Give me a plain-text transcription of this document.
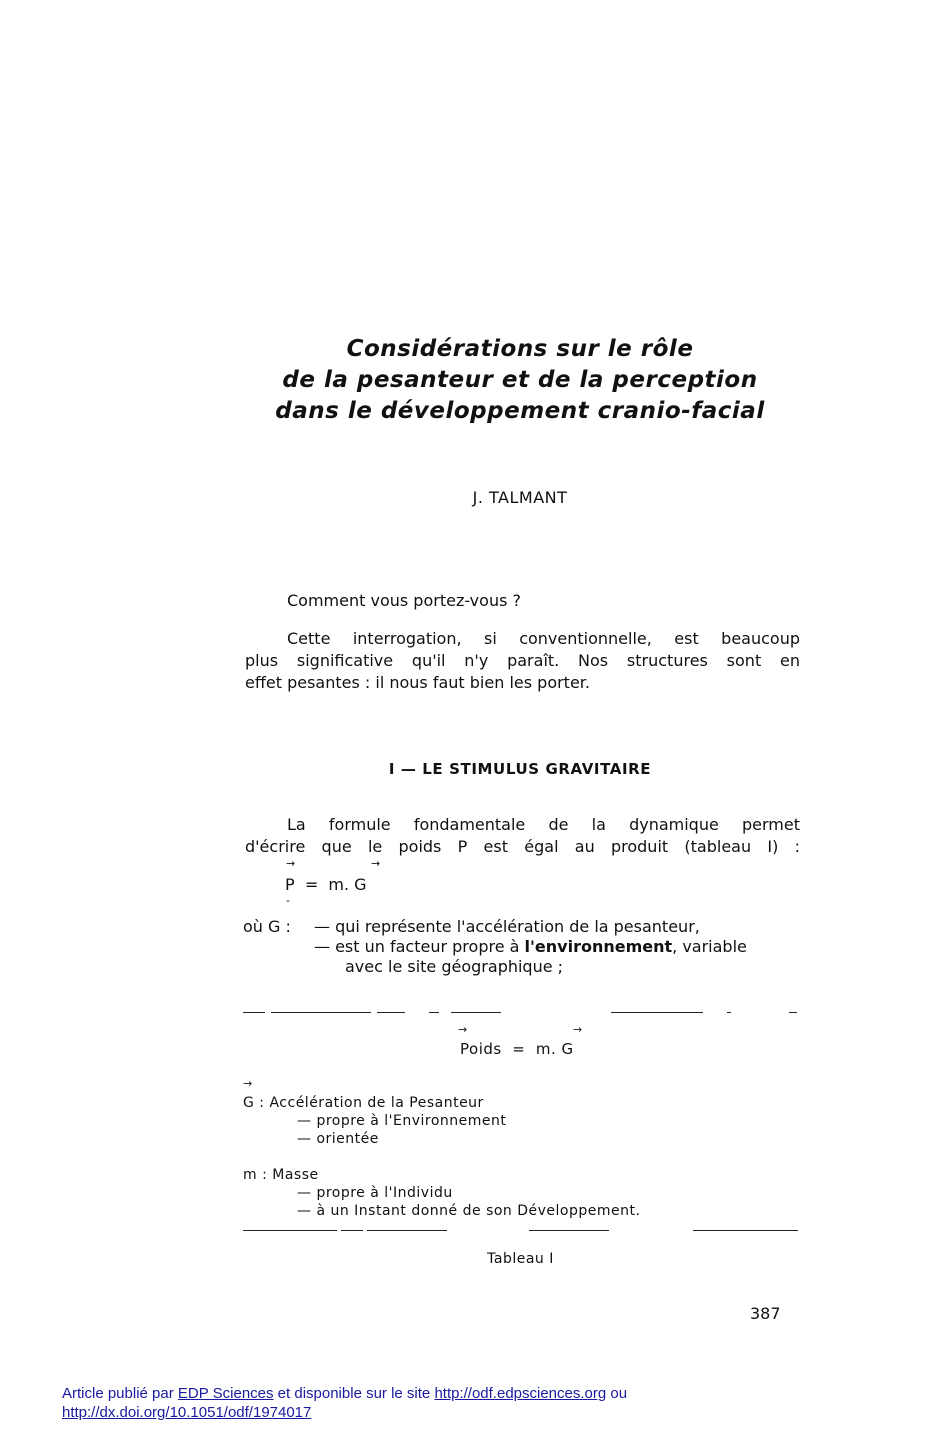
Considérations sur le rôle
de la pesanteur et de la perception
dans le développement cranio-facial
J. TALMANT
Comment vous portez-vous ?
Cette interrogation, si conventionnelle, est beaucoup
plus significative qu'il n'y paraît. Nos structures sont en
effet pesantes : il nous faut bien les porter.
I — LE STIMULUS GRAVITAIRE
La formule fondamentale de la dynamique permet
d'écrire que le poids P est égal au produit (tableau I) :
→	→
P  =  m. G
-
où G : — qui représente l'accélération de la pesanteur,
— est un facteur propre à l'environnement, variable
avec le site géographique ;
→	→
Poids  =  m. G
→
G : Accélération de la Pesanteur
— propre à l'Environnement
— orientée
m : Masse
— propre à l'Individu
— à un Instant donné de son Développement.
Tableau I
387
Article publié par EDP Sciences et disponible sur le site http://odf.edpsciences.org ou
http://dx.doi.org/10.1051/odf/1974017
